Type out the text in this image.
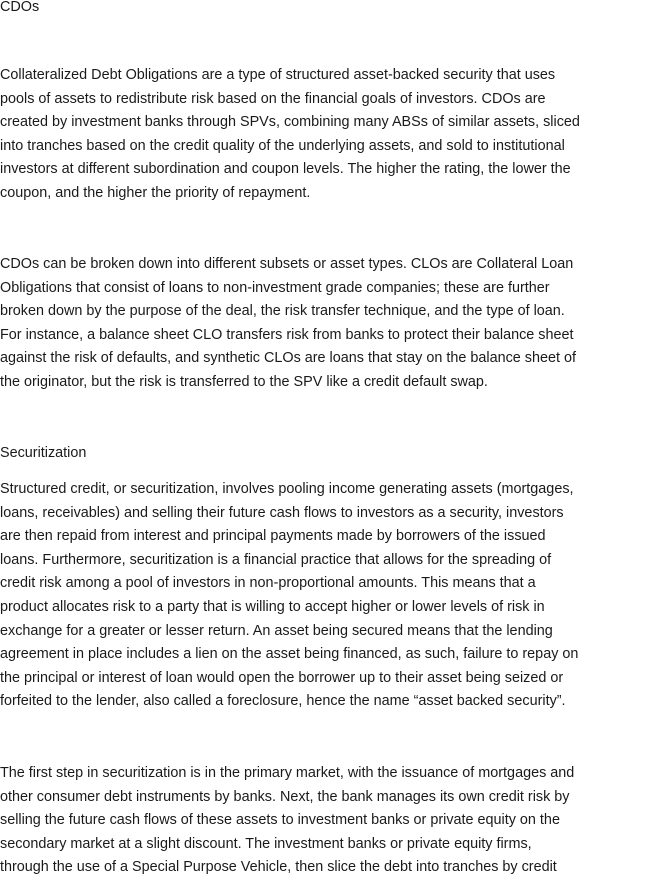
CDOs

Collateralized Debt Obligations are a type of structured asset-backed security that uses
pools of assets to redistribute risk based on the financial goals of investors. CDOs are
created by investment banks through SPVs, combining many ABSs of similar assets, sliced
into tranches based on the credit quality of the underlying assets, and sold to institutional
investors at different subordination and coupon levels. The higher the rating, the lower the
coupon, and the higher the priority of repayment.

CDOs can be broken down into different subsets or asset types. CLOs are Collateral Loan
Obligations that consist of loans to non-investment grade companies; these are further
broken down by the purpose of the deal, the risk transfer technique, and the type of loan.
For instance, a balance sheet CLO transfers risk from banks to protect their balance sheet
against the risk of defaults, and synthetic CLOs are loans that stay on the balance sheet of
the originator, but the risk is transferred to the SPV like a credit default swap.

Securitization

Structured credit, or securitization, involves pooling income generating assets (mortgages,
loans, receivables) and selling their future cash flows to investors as a security, investors
are then repaid from interest and principal payments made by borrowers of the issued
loans. Furthermore, securitization is a financial practice that allows for the spreading of
credit risk among a pool of investors in non-proportional amounts. This means that a
product allocates risk to a party that is willing to accept higher or lower levels of risk in
exchange for a greater or lesser return. An asset being secured means that the lending
agreement in place includes a lien on the asset being financed, as such, failure to repay on
the principal or interest of loan would open the borrower up to their asset being seized or
forfeited to the lender, also called a foreclosure, hence the name “asset backed security”.

The first step in securitization is in the primary market, with the issuance of mortgages and
other consumer debt instruments by banks. Next, the bank manages its own credit risk by
selling the future cash flows of these assets to investment banks or private equity on the
secondary market at a slight discount. The investment banks or private equity firms,
through the use of a Special Purpose Vehicle, then slice the debt into tranches by credit
